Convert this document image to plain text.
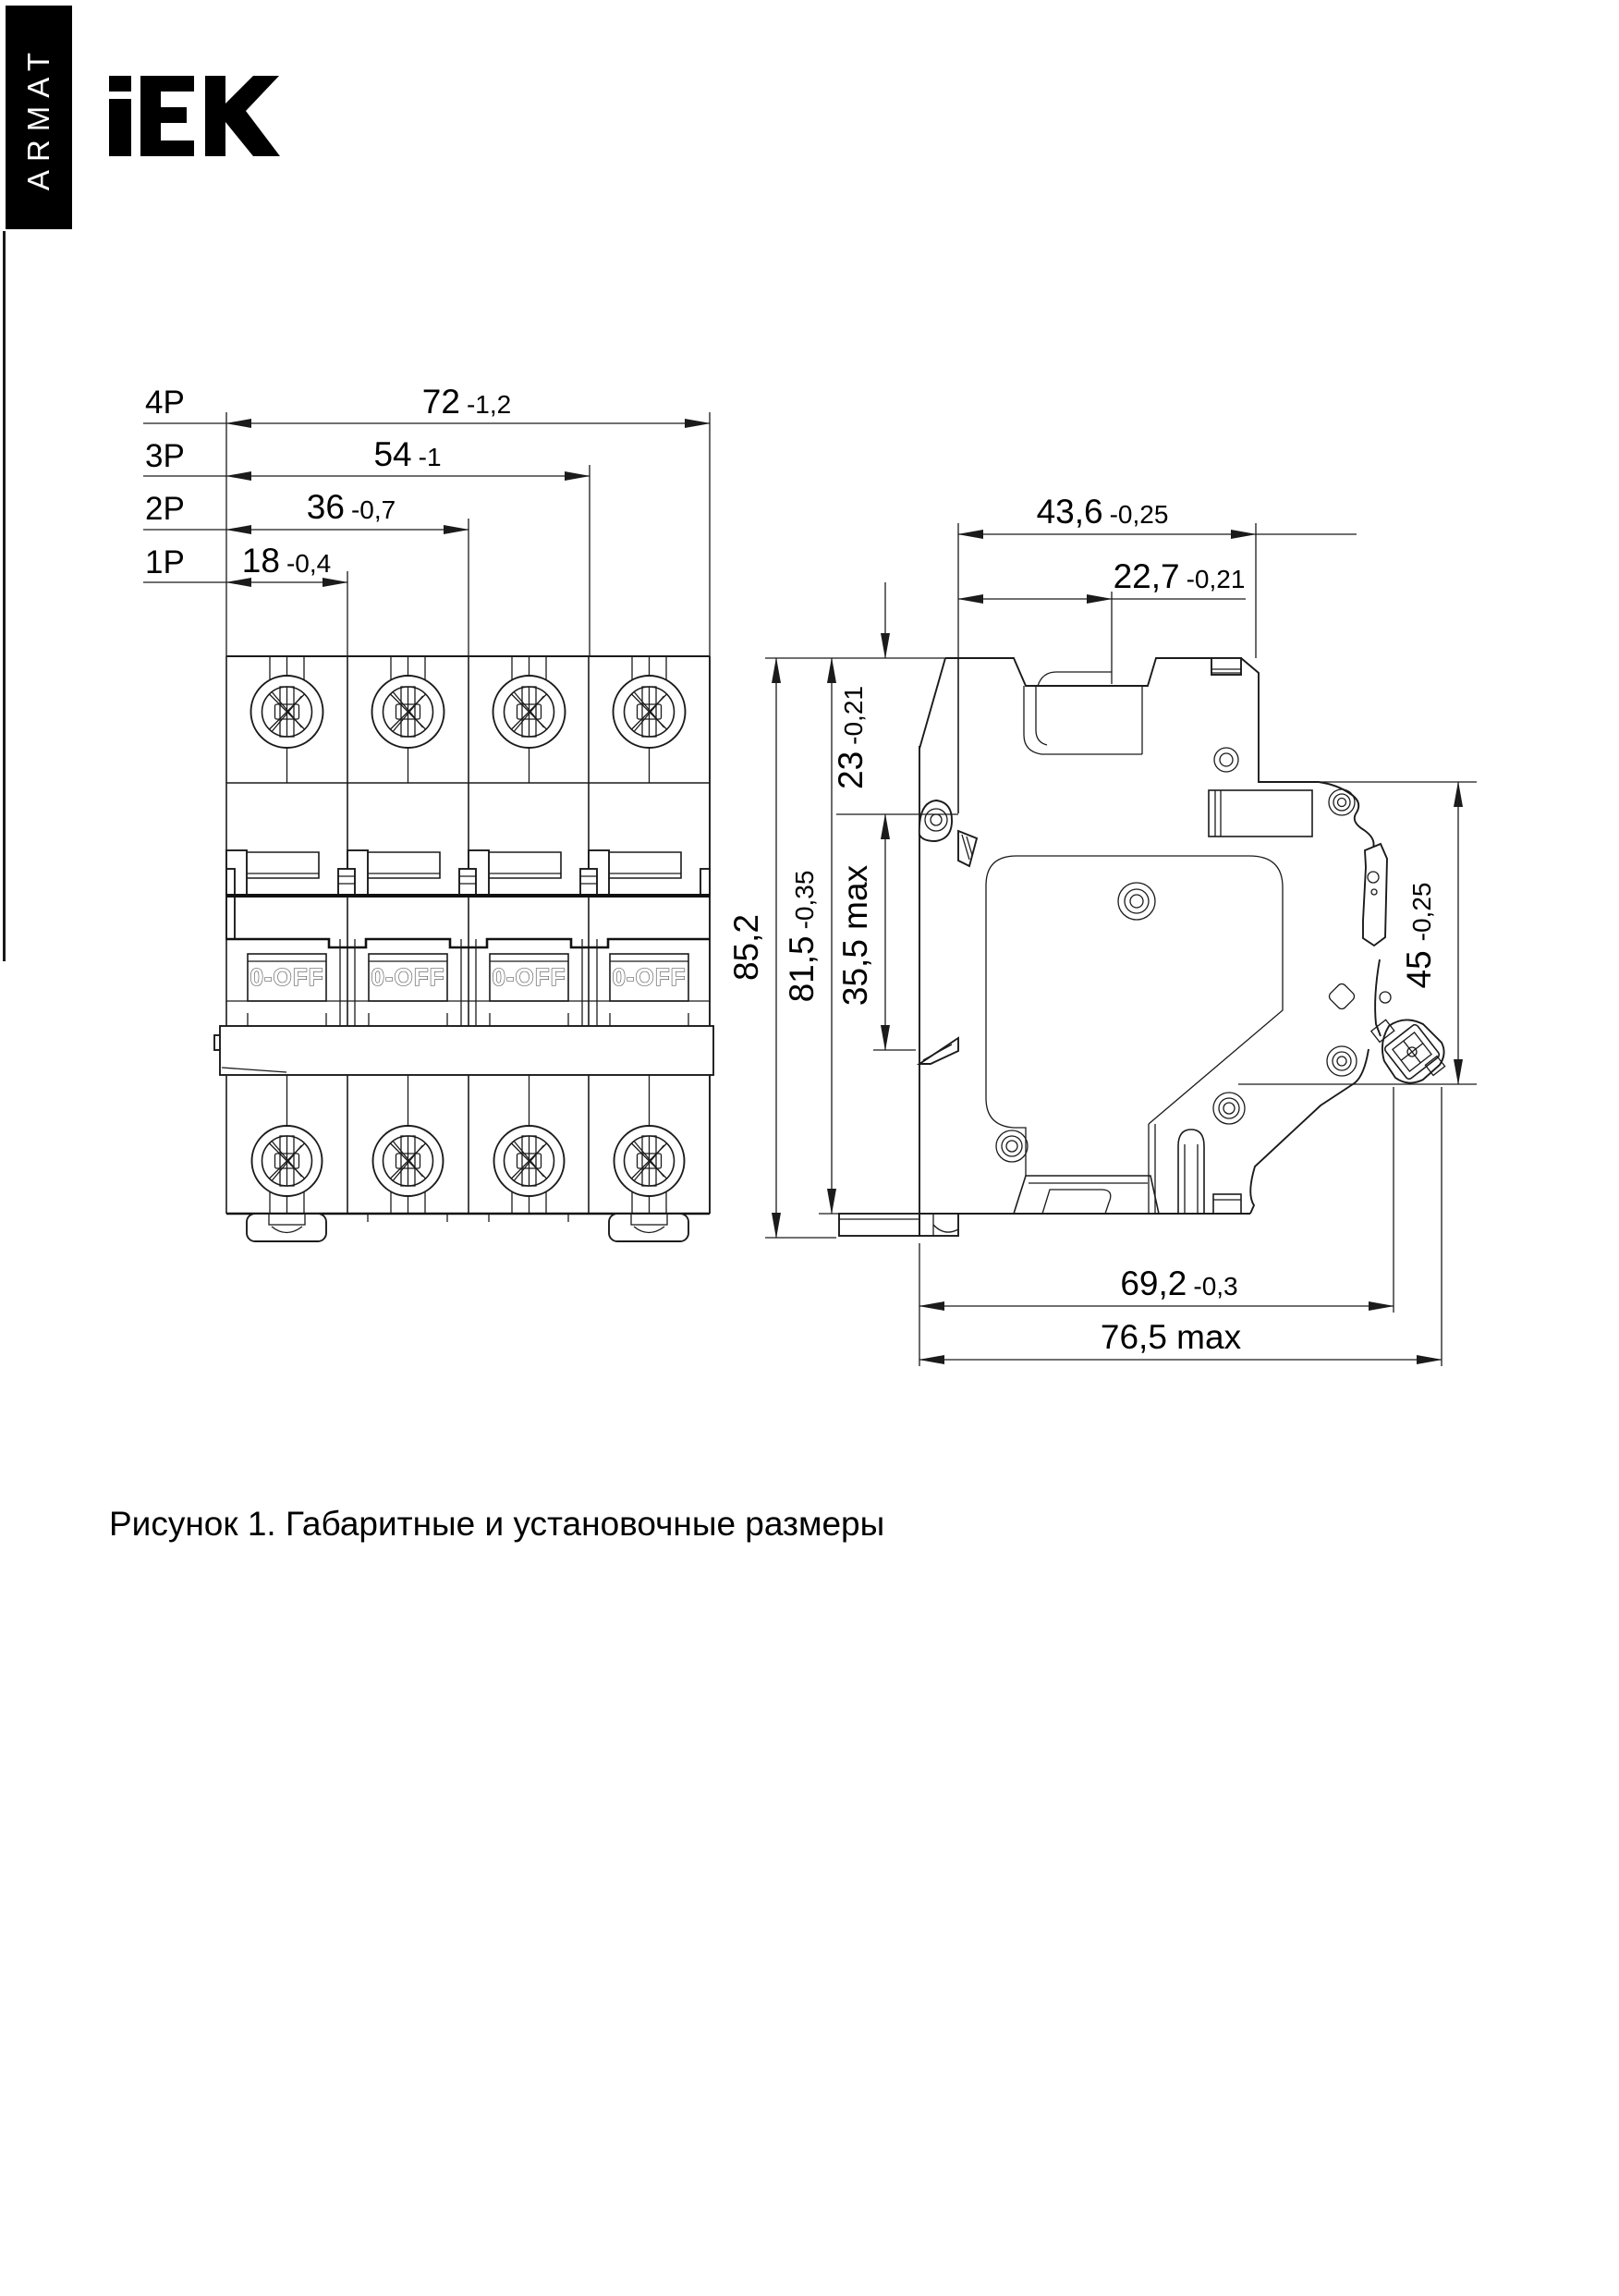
ARMAT
4P	72 -1,2
3P	54 -1
2P	36 -0,7
1P 18 -0,4
43,6 -0,25
22,7 -0,21
85,2 81,5-0,35 35,5 max
23-0,21
45-0,25
69,2 -0,3
76,5 max
Рисунок 1. Габаритные и установочные размеры
